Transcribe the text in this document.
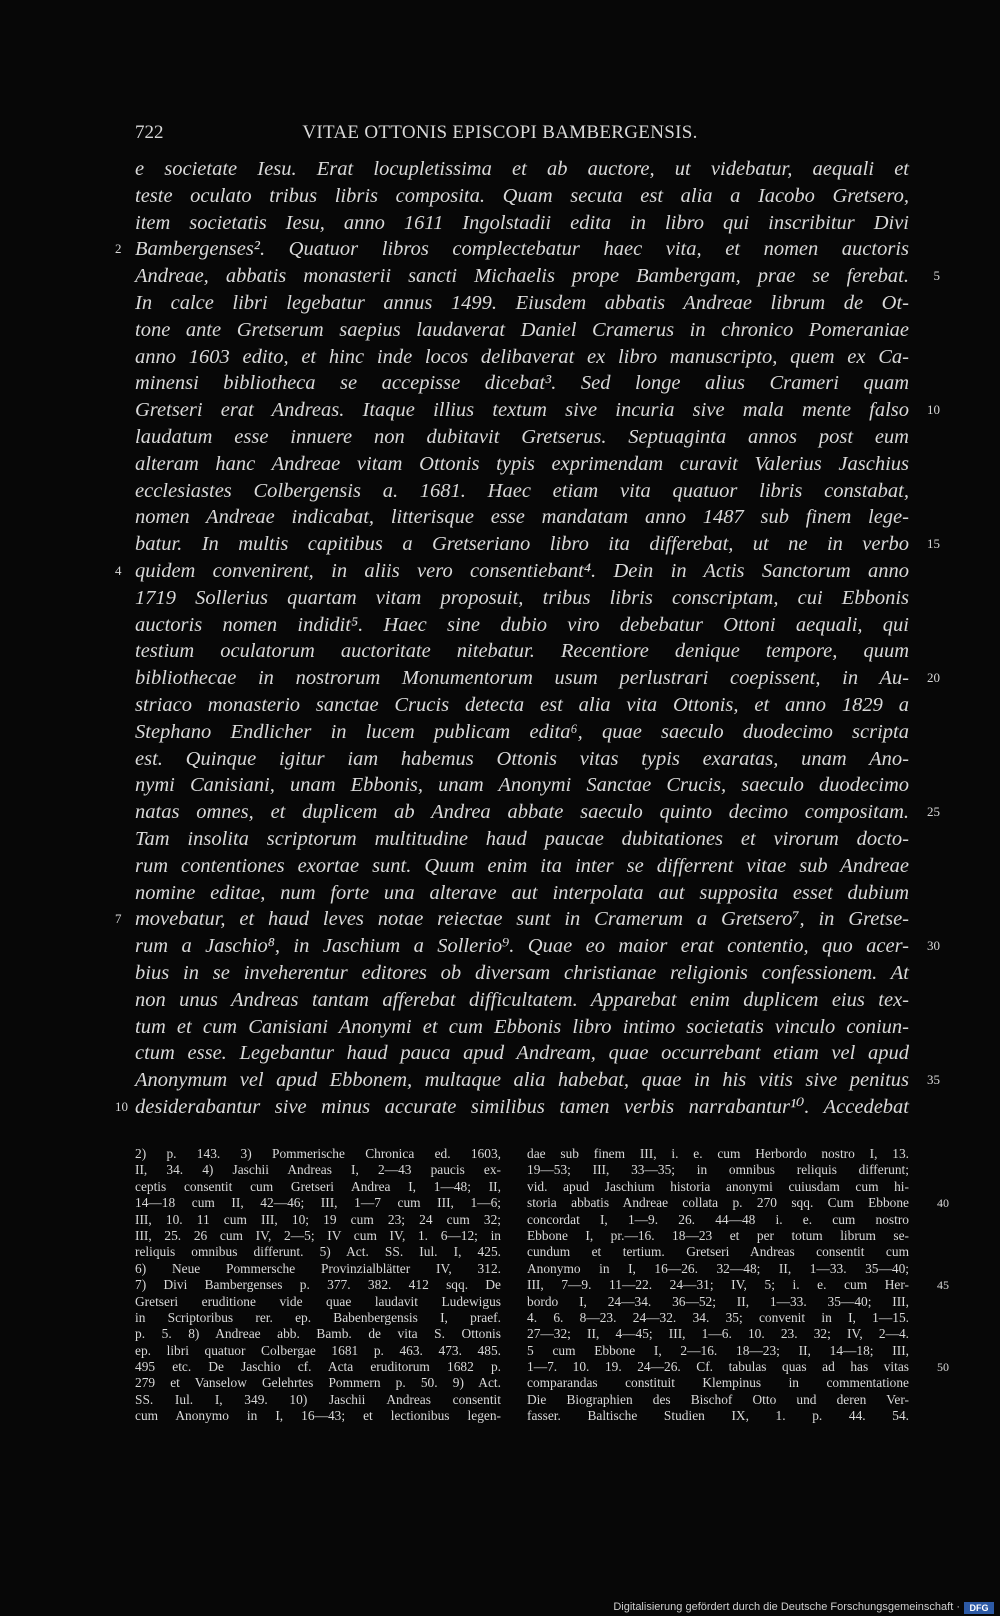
722	VITAE OTTONIS EPISCOPI BAMBERGENSIS.
e societate Iesu. Erat locupletissima et ab auctore, ut videbatur, aequali et
teste oculato tribus libris composita. Quam secuta est alia a Iacobo Gretsero,
item societatis Iesu, anno 1611 Ingolstadii edita in libro qui inscribitur Divi
Bambergenses². Quatuor libros complectebatur haec vita, et nomen auctoris
2
Andreae, abbatis monasterii sancti Michaelis prope Bambergam, prae se ferebat. 5
In calce libri legebatur annus 1499. Eiusdem abbatis Andreae librum de Ot-
tone ante Gretserum saepius laudaverat Daniel Cramerus in chronico Pomeraniae
anno 1603 edito, et hinc inde locos delibaverat ex libro manuscripto, quem ex Ca-
minensi bibliotheca se accepisse dicebat³. Sed longe alius Crameri quam
Gretseri erat Andreas. Itaque illius textum sive incuria sive mala mente falso 10
laudatum esse innuere non dubitavit Gretserus. Septuaginta annos post eum
alteram hanc Andreae vitam Ottonis typis exprimendam curavit Valerius Jaschius
ecclesiastes Colbergensis a. 1681. Haec etiam vita quatuor libris constabat,
nomen Andreae indicabat, litterisque esse mandatam anno 1487 sub finem lege-
batur. In multis capitibus a Gretseriano libro ita differebat, ut ne in verbo 15
quidem convenirent, in aliis vero consentiebant⁴. Dein in Actis Sanctorum anno
4
1719 Sollerius quartam vitam proposuit, tribus libris conscriptam, cui Ebbonis
auctoris nomen indidit⁵. Haec sine dubio viro debebatur Ottoni aequali, qui
testium oculatorum auctoritate nitebatur. Recentiore denique tempore, quum
bibliothecae in nostrorum Monumentorum usum perlustrari coepissent, in Au- 20
striaco monasterio sanctae Crucis detecta est alia vita Ottonis, et anno 1829 a
Stephano Endlicher in lucem publicam edita⁶, quae saeculo duodecimo scripta
est. Quinque igitur iam habemus Ottonis vitas typis exaratas, unam Ano-
nymi Canisiani, unam Ebbonis, unam Anonymi Sanctae Crucis, saeculo duodecimo
natas omnes, et duplicem ab Andrea abbate saeculo quinto decimo compositam. 25
Tam insolita scriptorum multitudine haud paucae dubitationes et virorum docto-
rum contentiones exortae sunt. Quum enim ita inter se differrent vitae sub Andreae
nomine editae, num forte una alterave aut interpolata aut supposita esset dubium
movebatur, et haud leves notae reiectae sunt in Cramerum a Gretsero⁷, in Gretse-
7
rum a Jaschio⁸, in Jaschium a Sollerio⁹. Quae eo maior erat contentio, quo acer- 30
bius in se inveherentur editores ob diversam christianae religionis confessionem. At
non unus Andreas tantam afferebat difficultatem. Apparebat enim duplicem eius tex-
tum et cum Canisiani Anonymi et cum Ebbonis libro intimo societatis vinculo coniun-
ctum esse. Legebantur haud pauca apud Andream, quae occurrebant etiam vel apud
Anonymum vel apud Ebbonem, multaque alia habebat, quae in his vitis sive penitus 35
desiderabantur sive minus accurate similibus tamen verbis narrabantur¹⁰. Accedebat
10
2) p. 143. 3) Pommerische Chronica ed. 1603,
II, 34. 4) Jaschii Andreas I, 2—43 paucis ex-
ceptis consentit cum Gretseri Andrea I, 1—48; II,
14—18 cum II, 42—46; III, 1—7 cum III, 1—6;
III, 10. 11 cum III, 10; 19 cum 23; 24 cum 32;
III, 25. 26 cum IV, 2—5; IV cum IV, 1. 6—12; in
reliquis omnibus differunt. 5) Act. SS. Iul. I, 425.
6) Neue Pommersche Provinzialblätter IV, 312.
7) Divi Bambergenses p. 377. 382. 412 sqq. De
Gretseri eruditione vide quae laudavit Ludewigus
in Scriptoribus rer. ep. Babenbergensis I, praef.
p. 5. 8) Andreae abb. Bamb. de vita S. Ottonis
ep. libri quatuor Colbergae 1681 p. 463. 473. 485.
495 etc. De Jaschio cf. Acta eruditorum 1682 p.
279 et Vanselow Gelehrtes Pommern p. 50. 9) Act.
SS. Iul. I, 349. 10) Jaschii Andreas consentit
cum Anonymo in I, 16—43; et lectionibus legen-
dae sub finem III, i. e. cum Herbordo nostro I, 13.
19—53; III, 33—35; in omnibus reliquis differunt;
vid. apud Jaschium historia anonymi cuiusdam cum hi-
storia abbatis Andreae collata p. 270 sqq. Cum Ebbone 40
concordat I, 1—9. 26. 44—48 i. e. cum nostro
Ebbone I, pr.—16. 18—23 et per totum librum se-
cundum et tertium. Gretseri Andreas consentit cum
Anonymo in I, 16—26. 32—48; II, 1—33. 35—40;
III, 7—9. 11—22. 24—31; IV, 5; i. e. cum Her- 45
bordo I, 24—34. 36—52; II, 1—33. 35—40; III,
4. 6. 8—23. 24—32. 34. 35; convenit in I, 1—15.
27—32; II, 4—45; III, 1—6. 10. 23. 32; IV, 2—4.
5 cum Ebbone I, 2—16. 18—23; II, 14—18; III,
1—7. 10. 19. 24—26. Cf. tabulas quas ad has vitas 50
comparandas constituit Klempinus in commentatione
Die Biographien des Bischof Otto und deren Ver-
fasser. Baltische Studien IX, 1. p. 44. 54.
Digitalisierung gefördert durch die Deutsche Forschungsgemeinschaft ·	DFG
